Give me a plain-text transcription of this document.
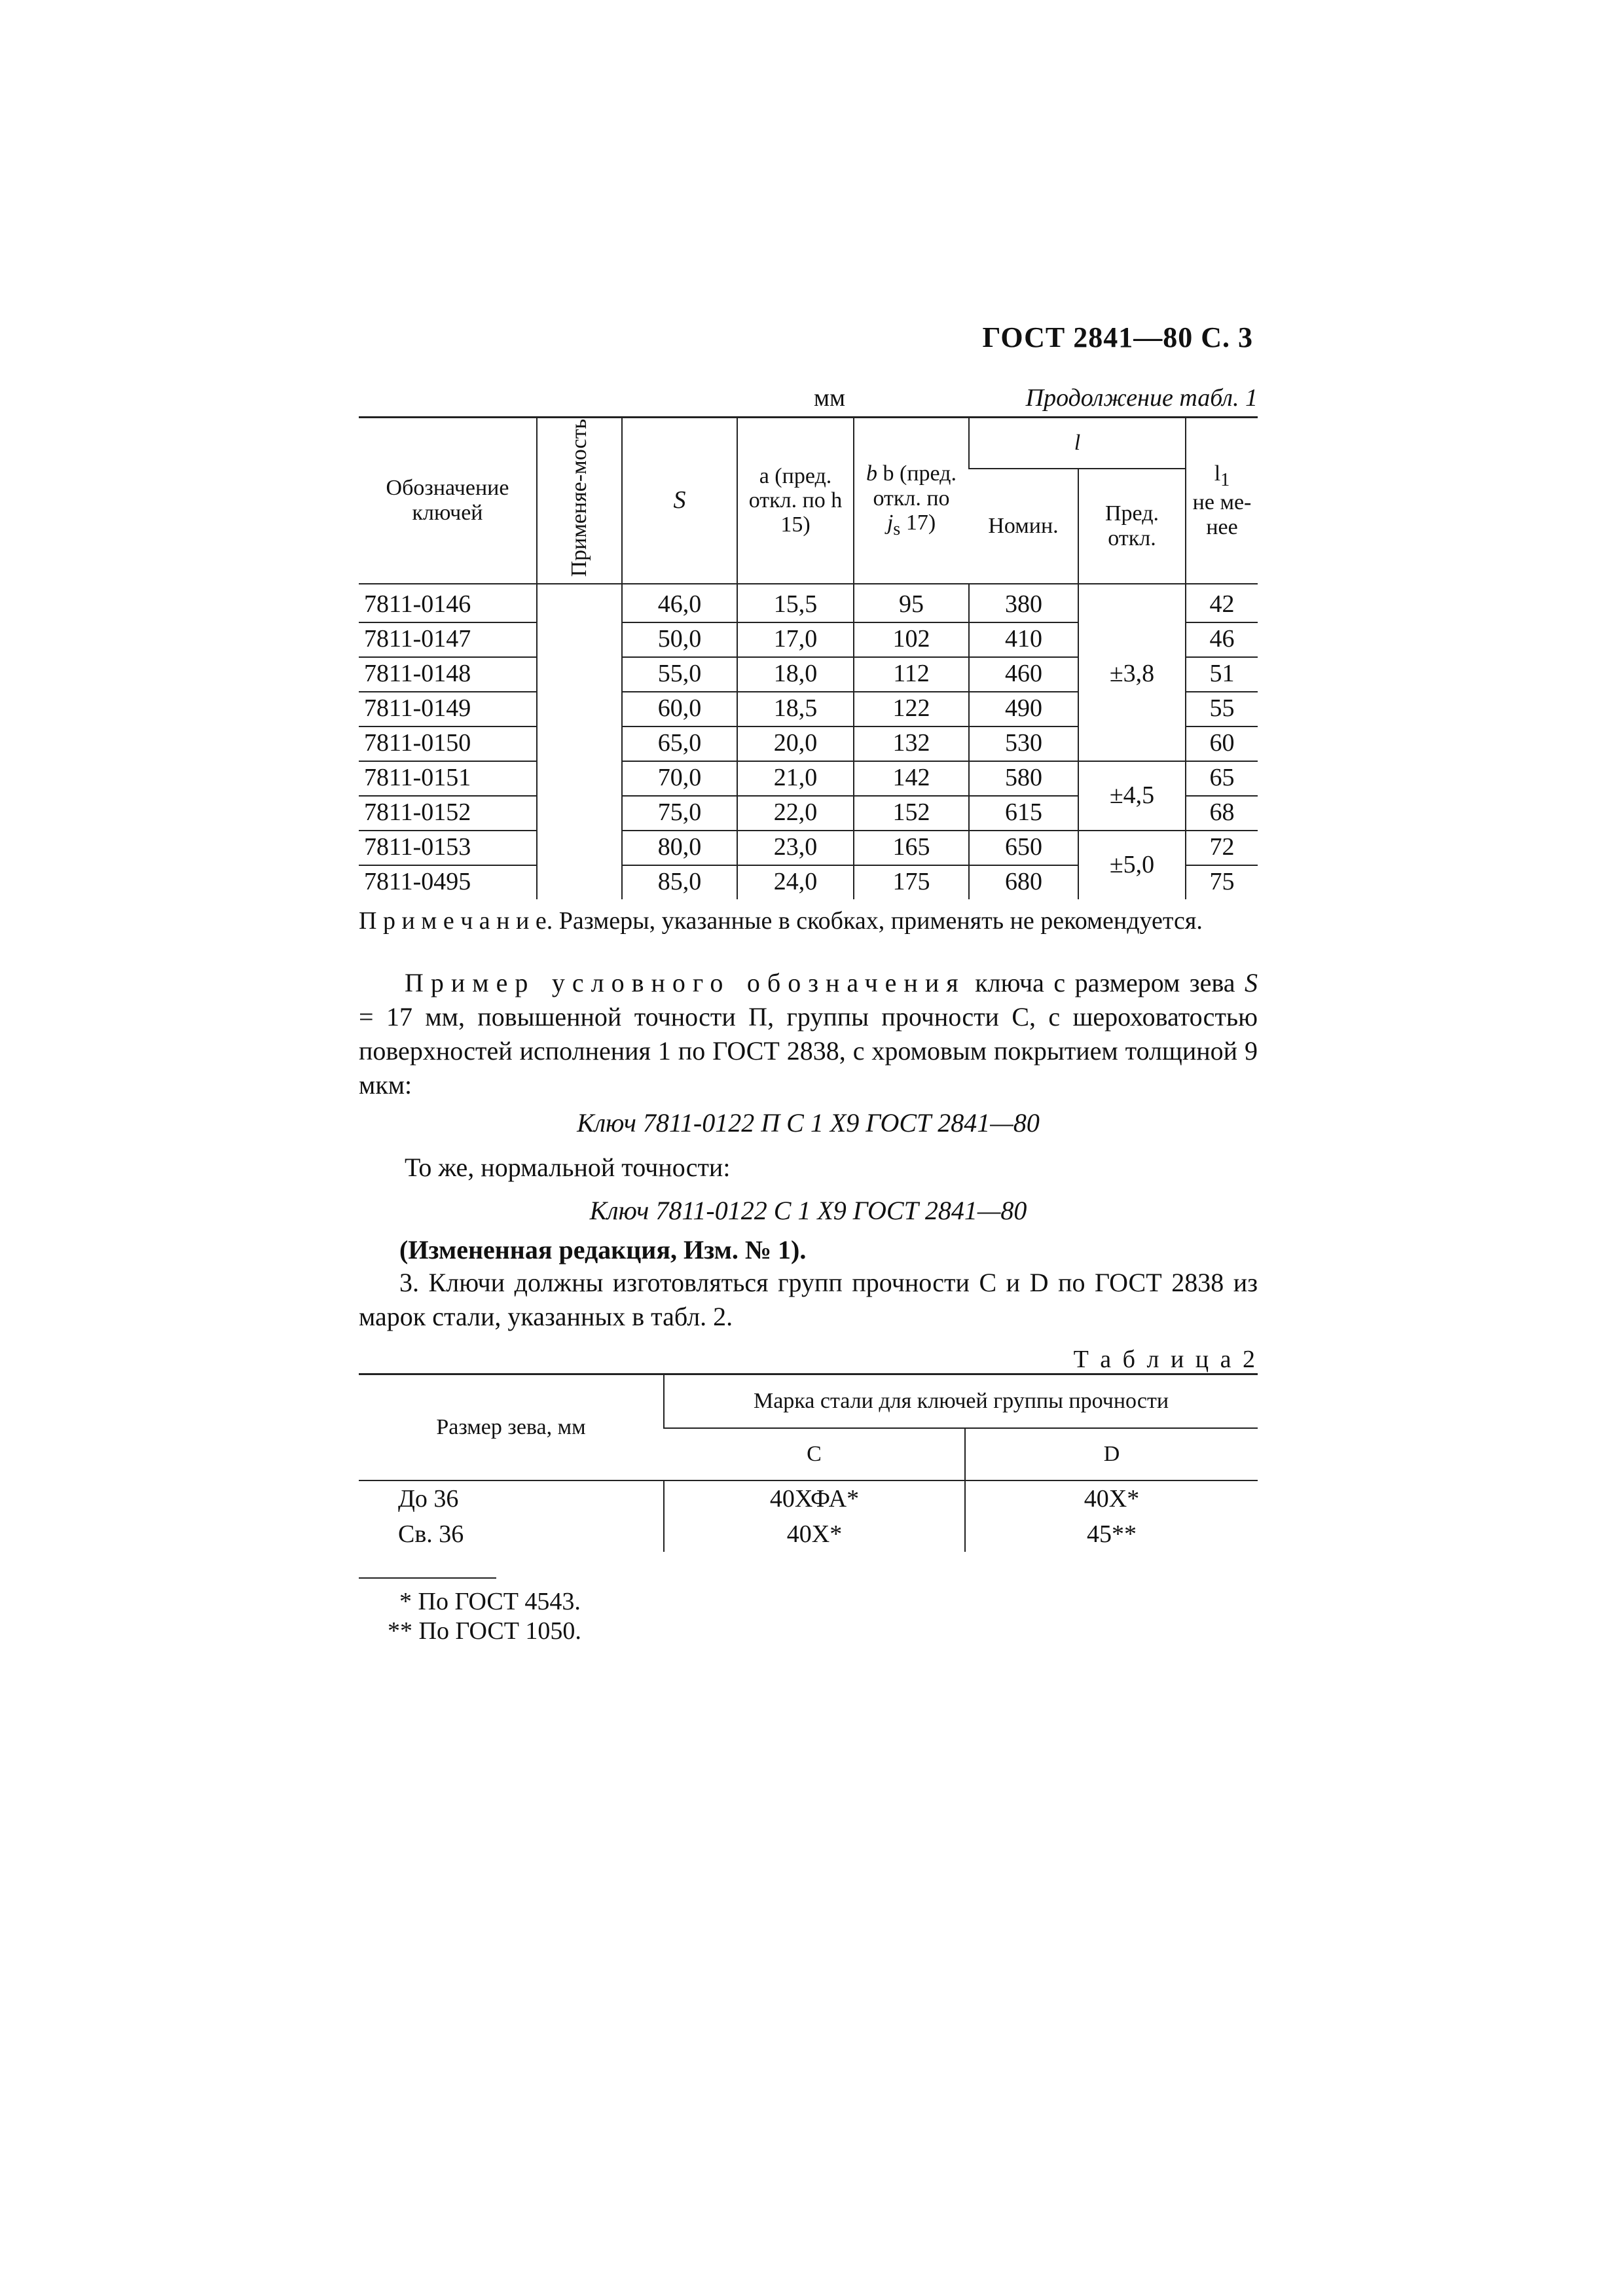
ГОСТ 2841—80 С. 3
мм	Продолжение табл. 1
Обозначение ключей	Применяе-мость	S	а (пред. откл. по h 15)	b b (пред. откл. по
$j_s$ 17)	l		$l_1$
не ме-нее
					Номин.	Пред. откл.	
7811-0146		46,0	15,5	95	380	±3,8	42
7811-0147		50,0	17,0	102	410		46
7811-0148		55,0	18,0	112	460		51
7811-0149		60,0	18,5	122	490		55
7811-0150		65,0	20,0	132	530		60
7811-0151		70,0	21,0	142	580	±4,5	65
7811-0152		75,0	22,0	152	615		68
7811-0153		80,0	23,0	165	650	±5,0	72
7811-0495		85,0	24,0	175	680		75
П р и м е ч а н и е. Размеры, указанные в скобках, применять не рекомендуется.
Пример условного обозначения ключа с размером зева S = 17 мм, повышенной точности П, группы прочности С, с шероховатостью поверхностей исполнения 1 по ГОСТ 2838, с хромовым покрытием толщиной 9 мкм:
Ключ 7811-0122 П С 1 Х9 ГОСТ 2841—80
То же, нормальной точности:
Ключ 7811-0122 С 1 Х9 ГОСТ 2841—80
(Измененная редакция, Изм. № 1).
3. Ключи должны изготовляться групп прочности С и D по ГОСТ 2838 из марок стали, указанных в табл. 2.
Т а б л и ц а 2
Размер зева, мм	Марка стали для ключей группы прочности	
	С	D
До 36	40ХФА*	40Х*
Св. 36	40Х*	45**
* По ГОСТ 4543.
** По ГОСТ 1050.
